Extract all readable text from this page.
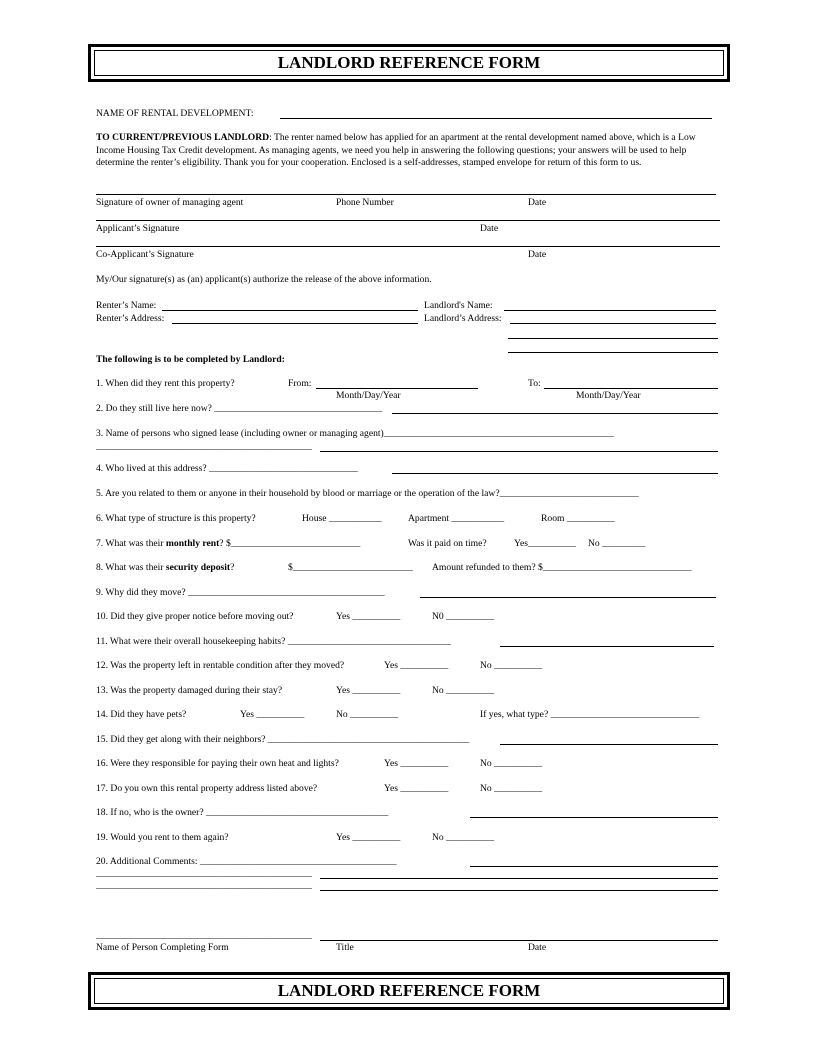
LANDLORD REFERENCE FORM
NAME OF RENTAL DEVELOPMENT:
TO CURRENT/PREVIOUS LANDLORD: The renter named below has applied for an apartment at the rental development named above, which is a Low Income Housing Tax Credit development. As managing agents, we need you help in answering the following questions; your answers will be used to help determine the renter’s eligibility. Thank you for your cooperation. Enclosed is a self-addresses, stamped envelope for return of this form to us.
Signature of owner of managing agent	Phone Number	Date
Applicant’s Signature	Date
Co-Applicant’s Signature	Date
My/Our signature(s) as (an) applicant(s) authorize the release of the above information.
Renter’s Name:	Landlord's Name:
Renter’s Address:	Landlord’s Address:
The following is to be completed by Landlord:
1. When did they rent this property?	From:	To:
Month/Day/Year	Month/Day/Year
2. Do they still live here now? ___________________________________
3. Name of persons who signed lease (including owner or managing agent)________________________________________________
_____________________________________________
4. Who lived at this address? _______________________________
5. Are you related to them or anyone in their household by blood or marriage or the operation of the law?_____________________________
6. What type of structure is this property?	House ___________	Apartment ___________	Room __________
7. What was their monthly rent? $___________________________	Was it paid on time?	Yes__________ No _________
8. What was their security deposit?	$_________________________ Amount refunded to them? $_______________________________
9. Why did they move? _________________________________________
10. Did they give proper notice before moving out?	Yes __________	N0 __________
11. What were their overall housekeeping habits? __________________________________
12. Was the property left in rentable condition after they moved?	Yes __________	No __________
13. Was the property damaged during their stay?	Yes __________	No __________
14. Did they have pets?	Yes __________	No __________	If yes, what type? _______________________________
15. Did they get along with their neighbors? __________________________________________
16. Were they responsible for paying their own heat and lights?	Yes __________	No __________
17. Do you own this rental property address listed above?	Yes __________	No __________
18. If no, who is the owner? ______________________________________
19. Would you rent to them again?	Yes __________	No __________
20. Additional Comments: _________________________________________
_____________________________________________
_____________________________________________
_____________________________________________
Name of Person Completing Form	Title	Date
LANDLORD REFERENCE FORM
